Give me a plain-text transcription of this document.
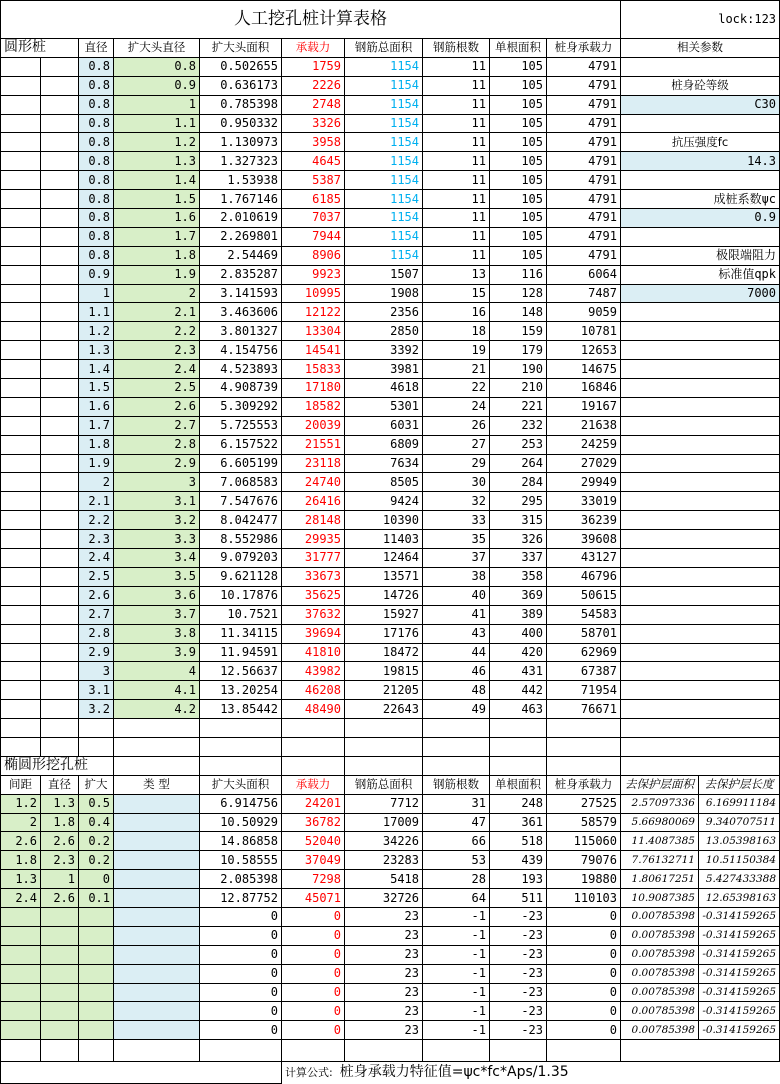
人工挖孔桩计算表格										lock:123	
圆形桩		直径	扩大头直径	扩大头面积	承载力	钢筋总面积	钢筋根数	单根面积	桩身承载力	相关参数	
		0.8	0.8	0.502655	1759	1154	11	105	4791		
		0.8	0.9	0.636173	2226	1154	11	105	4791	桩身砼等级	
		0.8	1	0.785398	2748	1154	11	105	4791	C30	
		0.8	1.1	0.950332	3326	1154	11	105	4791		
		0.8	1.2	1.130973	3958	1154	11	105	4791	抗压强度fc	
		0.8	1.3	1.327323	4645	1154	11	105	4791	14.3	
		0.8	1.4	1.53938	5387	1154	11	105	4791		
		0.8	1.5	1.767146	6185	1154	11	105	4791	成桩系数ψc	
		0.8	1.6	2.010619	7037	1154	11	105	4791	0.9	
		0.8	1.7	2.269801	7944	1154	11	105	4791		
		0.8	1.8	2.54469	8906	1154	11	105	4791	极限端阻力	
		0.9	1.9	2.835287	9923	1507	13	116	6064	标准值qpk	
		1	2	3.141593	10995	1908	15	128	7487	7000	
		1.1	2.1	3.463606	12122	2356	16	148	9059		
		1.2	2.2	3.801327	13304	2850	18	159	10781		
		1.3	2.3	4.154756	14541	3392	19	179	12653		
		1.4	2.4	4.523893	15833	3981	21	190	14675		
		1.5	2.5	4.908739	17180	4618	22	210	16846		
		1.6	2.6	5.309292	18582	5301	24	221	19167		
		1.7	2.7	5.725553	20039	6031	26	232	21638		
		1.8	2.8	6.157522	21551	6809	27	253	24259		
		1.9	2.9	6.605199	23118	7634	29	264	27029		
		2	3	7.068583	24740	8505	30	284	29949		
		2.1	3.1	7.547676	26416	9424	32	295	33019		
		2.2	3.2	8.042477	28148	10390	33	315	36239		
		2.3	3.3	8.552986	29935	11403	35	326	39608		
		2.4	3.4	9.079203	31777	12464	37	337	43127		
		2.5	3.5	9.621128	33673	13571	38	358	46796		
		2.6	3.6	10.17876	35625	14726	40	369	50615		
		2.7	3.7	10.7521	37632	15927	41	389	54583		
		2.8	3.8	11.34115	39694	17176	43	400	58701		
		2.9	3.9	11.94591	41810	18472	44	420	62969		
		3	4	12.56637	43982	19815	46	431	67387		
		3.1	4.1	13.20254	46208	21205	48	442	71954		
		3.2	4.2	13.85442	48490	22643	49	463	76671		

椭圆形挖孔桩											
间距	直径	扩大	类 型	扩大头面积	承载力	钢筋总面积	钢筋根数	单根面积	桩身承载力	去保护层面积	去保护层长度
1.2	1.3	0.5		6.914756	24201	7712	31	248	27525	2.57097336	6.169911184
2	1.8	0.4		10.50929	36782	17009	47	361	58579	5.66980069	9.340707511
2.6	2.6	0.2		14.86858	52040	34226	66	518	115060	11.4087385	13.05398163
1.8	2.3	0.2		10.58555	37049	23283	53	439	79076	7.76132711	10.51150384
1.3	1	0		2.085398	7298	5418	28	193	19880	1.80617251	5.427433388
2.4	2.6	0.1		12.87752	45071	32726	64	511	110103	10.9087385	12.65398163
				0	0	23	-1	-23	0	0.00785398	-0.314159265
				0	0	23	-1	-23	0	0.00785398	-0.314159265
				0	0	23	-1	-23	0	0.00785398	-0.314159265
				0	0	23	-1	-23	0	0.00785398	-0.314159265
				0	0	23	-1	-23	0	0.00785398	-0.314159265
				0	0	23	-1	-23	0	0.00785398	-0.314159265
				0	0	23	-1	-23	0	0.00785398	-0.314159265

					计算公式: 桩身承载力特征值=ψc*fc*Aps/1.35						
